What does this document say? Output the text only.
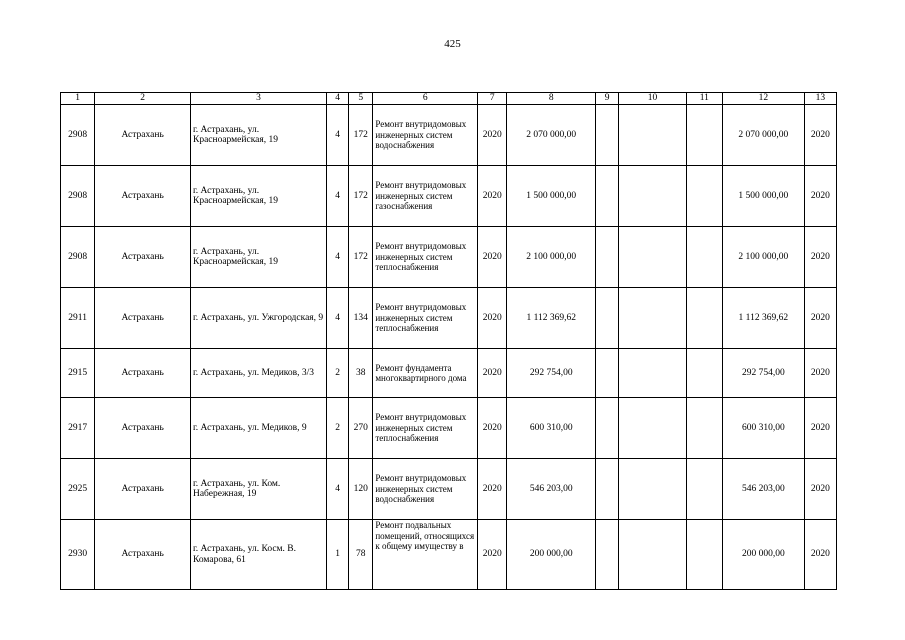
425
1	2	3	4	5	6	7	8	9	10	11	12	13
2908	Астрахань	г. Астрахань, ул. Красноармейская, 19	4	172	Ремонт внутридомовых инженерных систем водоснабжения	2020	2 070 000,00				2 070 000,00	2020
2908	Астрахань	г. Астрахань, ул. Красноармейская, 19	4	172	Ремонт внутридомовых инженерных систем газоснабжения	2020	1 500 000,00				1 500 000,00	2020
2908	Астрахань	г. Астрахань, ул. Красноармейская, 19	4	172	Ремонт внутридомовых инженерных систем теплоснабжения	2020	2 100 000,00				2 100 000,00	2020
2911	Астрахань	г. Астрахань, ул. Ужгородская, 9	4	134	Ремонт внутридомовых инженерных систем теплоснабжения	2020	1 112 369,62				1 112 369,62	2020
2915	Астрахань	г. Астрахань, ул. Медиков, 3/3	2	38	Ремонт фундамента многоквартирного дома	2020	292 754,00				292 754,00	2020
2917	Астрахань	г. Астрахань, ул. Медиков, 9	2	270	Ремонт внутридомовых инженерных систем теплоснабжения	2020	600 310,00				600 310,00	2020
2925	Астрахань	г. Астрахань, ул. Ком. Набережная, 19	4	120	Ремонт внутридомовых инженерных систем водоснабжения	2020	546 203,00				546 203,00	2020
2930	Астрахань	г. Астрахань, ул. Косм. В. Комарова, 61	1	78	Ремонт подвальных помещений, относящихся к общему имуществу в	2020	200 000,00				200 000,00	2020
